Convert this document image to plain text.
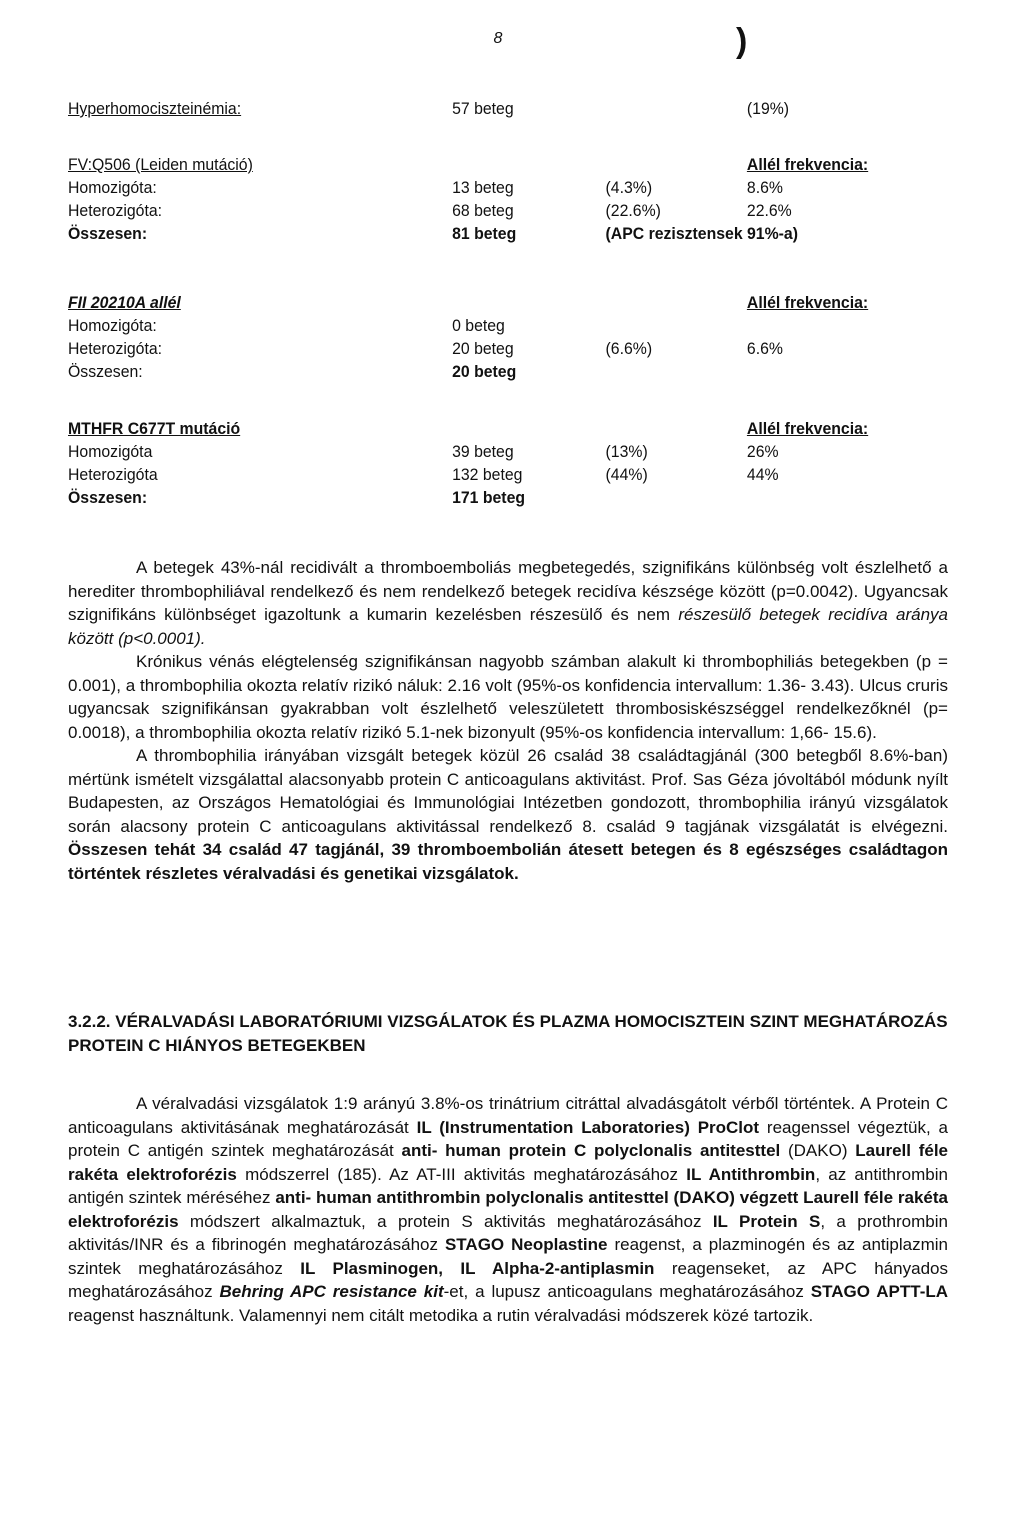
8	)
Hyperhomociszteinémia:	57 beteg	(19%)
FV:Q506 (Leiden mutáció)	Allél frekvencia:
Homozigóta:	13 beteg	(4.3%)	8.6%
Heterozigóta:	68 beteg	(22.6%)	22.6%
Összesen:	81 beteg	(APC rezisztensek 91%-a)
FII 20210A allél	Allél frekvencia:
Homozigóta:	0 beteg
Heterozigóta:	20 beteg	(6.6%)	6.6%
Összesen:	20 beteg
MTHFR C677T mutáció	Allél frekvencia:
Homozigóta	39 beteg	(13%)	26%
Heterozigóta	132 beteg	(44%)	44%
Összesen:	171 beteg

A betegek 43%-nál recidivált a thromboemboliás megbetegedés, szignifikáns különbség volt észlelhető a herediter thrombophiliával rendelkező és nem rendelkező betegek recidíva készsége között (p=0.0042). Ugyancsak szignifikáns különbséget igazoltunk a kumarin kezelésben részesülő és nem részesülő betegek recidíva aránya között (p<0.0001).

Krónikus vénás elégtelenség szignifikánsan nagyobb számban alakult ki thrombophiliás betegekben (p = 0.001), a thrombophilia okozta relatív rizikó náluk: 2.16 volt (95%-os konfidencia intervallum: 1.36- 3.43). Ulcus cruris ugyancsak szignifikánsan gyakrabban volt észlelhető veleszületett thrombosiskészséggel rendelkezőknél (p= 0.0018), a thrombophilia okozta relatív rizikó 5.1-nek bizonyult (95%-os konfidencia intervallum: 1,66- 15.6).

A thrombophilia irányában vizsgált betegek közül 26 család 38 családtagjánál (300 betegből 8.6%-ban) mértünk ismételt vizsgálattal alacsonyabb protein C anticoagulans aktivitást. Prof. Sas Géza jóvoltából módunk nyílt Budapesten, az Országos Hematológiai és Immunológiai Intézetben gondozott, thrombophilia irányú vizsgálatok során alacsony protein C anticoagulans aktivitással rendelkező 8. család 9 tagjának vizsgálatát is elvégezni. Összesen tehát 34 család 47 tagjánál, 39 thromboembolián átesett betegen és 8 egészséges családtagon történtek részletes véralvadási és genetikai vizsgálatok.

3.2.2. VÉRALVADÁSI LABORATÓRIUMI VIZSGÁLATOK ÉS PLAZMA HOMOCISZTEIN SZINT MEGHATÁROZÁS PROTEIN C HIÁNYOS BETEGEKBEN

A véralvadási vizsgálatok 1:9 arányú 3.8%-os trinátrium citráttal alvadásgátolt vérből történtek. A Protein C anticoagulans aktivitásának meghatározását IL (Instrumentation Laboratories) ProClot reagenssel végeztük, a protein C antigén szintek meghatározását anti- human protein C polyclonalis antitesttel (DAKO) Laurell féle rakéta elektroforézis módszerrel (185). Az AT-III aktivitás meghatározásához IL Antithrombin, az antithrombin antigén szintek méréséhez anti- human antithrombin polyclonalis antitesttel (DAKO) végzett Laurell féle rakéta elektroforézis módszert alkalmaztuk, a protein S aktivitás meghatározásához IL Protein S, a prothrombin aktivitás/INR és a fibrinogén meghatározásához STAGO Neoplastine reagenst, a plazminogén és az antiplazmin szintek meghatározásához IL Plasminogen, IL Alpha-2-antiplasmin reagenseket, az APC hányados meghatározásához Behring APC resistance kit-et, a lupusz anticoagulans meghatározásához STAGO APTT-LA reagenst használtunk. Valamennyi nem citált metodika a rutin véralvadási módszerek közé tartozik.
